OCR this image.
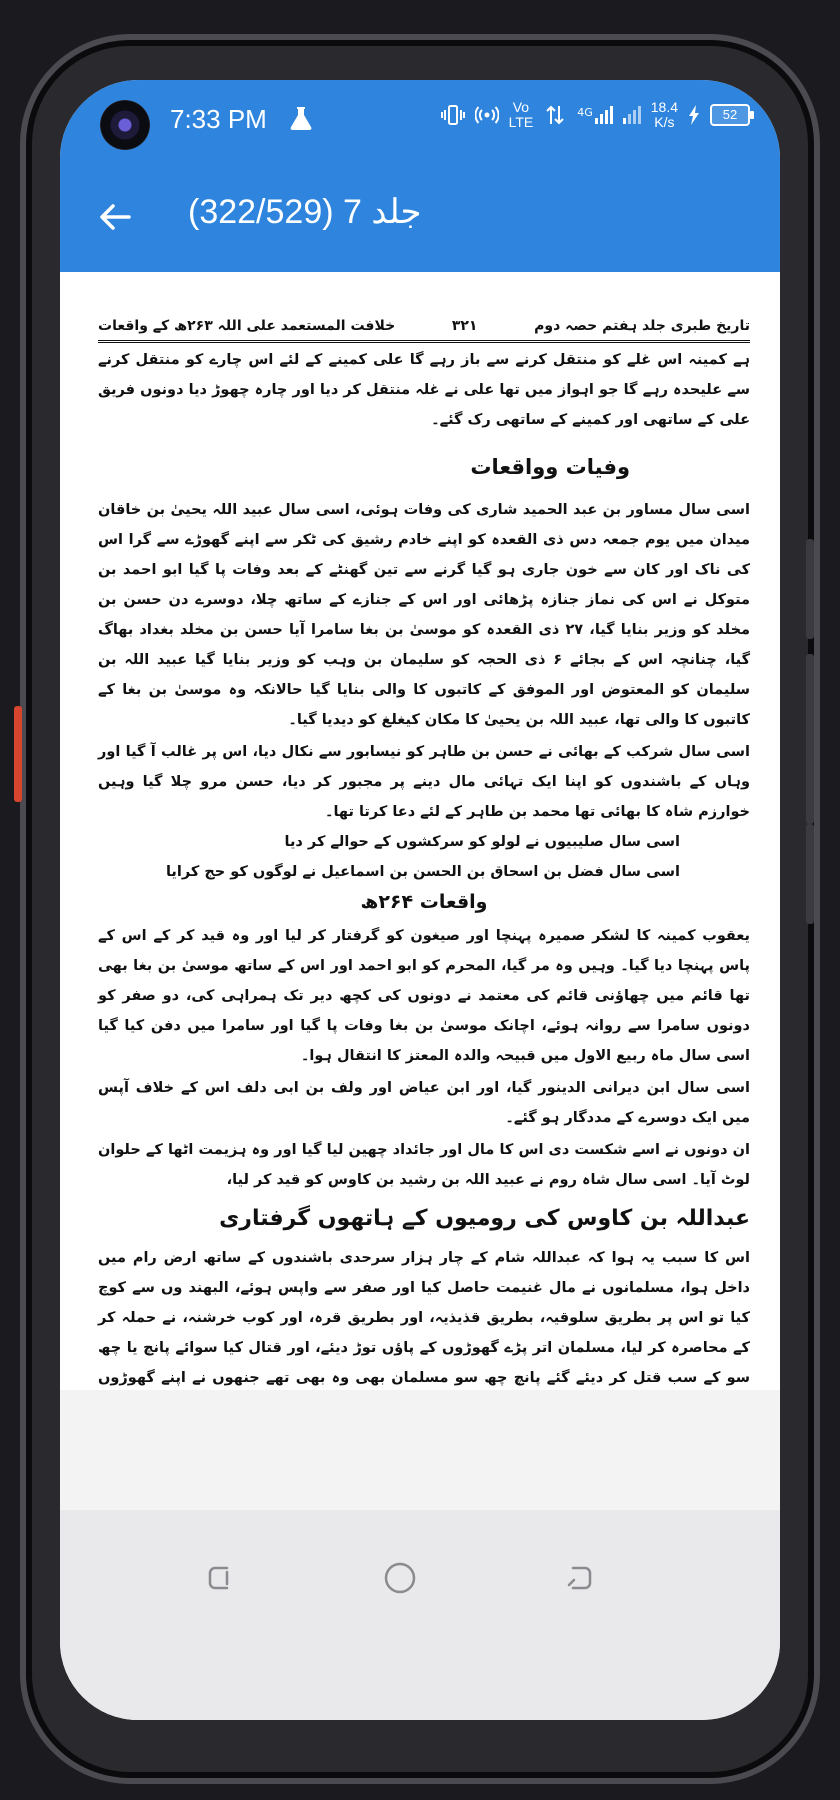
7:33 PM	Vo
LTE
4G	18.4
K/s	52
جلد 7 (322/529)
تاریخ طبری جلد ہفتم حصہ دوم
۳۲۱
خلافت المستعمد علی اللہ ۲۶۳ھ کے واقعات

ہے کمینہ اس غلے کو منتقل کرنے سے باز رہے گا علی کمینے کے لئے اس چارے کو منتقل کرنے سے علیحدہ رہے گا جو اہواز میں تھا علی نے غلہ منتقل کر دیا اور چارہ چھوڑ دیا دونوں فریق علی کے ساتھی اور کمینے کے ساتھی رک گئے۔

وفیات وواقعات

اسی سال مساور بن عبد الحمید شاری کی وفات ہوئی، اسی سال عبید اللہ یحییٰ بن خاقان میدان میں یوم جمعہ دس ذی القعدہ کو اپنے خادم رشیق کی ٹکر سے اپنے گھوڑے سے گرا اس کی ناک اور کان سے خون جاری ہو گیا گرنے سے تین گھنٹے کے بعد وفات پا گیا ابو احمد بن متوکل نے اس کی نماز جنازہ پڑھائی اور اس کے جنازے کے ساتھ چلا، دوسرے دن حسن بن مخلد کو وزیر بنایا گیا، ۲۷ ذی القعدہ کو موسیٰ بن بغا سامرا آیا حسن بن مخلد بغداد بھاگ گیا، چنانچہ اس کے بجائے ۶ ذی الحجہ کو سلیمان بن وہب کو وزیر بنایا گیا عبید اللہ بن سلیمان کو المعتوض اور الموفق کے کاتبوں کا والی بنایا گیا حالانکہ وہ موسیٰ بن بغا کے کاتبوں کا والی تھا، عبید اللہ بن یحییٰ کا مکان کیغلغ کو دیدیا گیا۔

اسی سال شرکب کے بھائی نے حسن بن طاہر کو نیسابور سے نکال دیا، اس پر غالب آ گیا اور وہاں کے باشندوں کو اپنا ایک تہائی مال دینے پر مجبور کر دیا، حسن مرو چلا گیا وہیں خوارزم شاہ کا بھائی تھا محمد بن طاہر کے لئے دعا کرتا تھا۔

اسی سال صلیبیوں نے لولو کو سرکشوں کے حوالے کر دیا

اسی سال فضل بن اسحاق بن الحسن بن اسماعیل نے لوگوں کو حج کرایا

واقعات ۲۶۴ھ

یعقوب کمینہ کا لشکر صمیرہ پہنچا اور صیغون کو گرفتار کر لیا اور وہ قید کر کے اس کے پاس پہنچا دیا گیا۔ وہیں وہ مر گیا، المحرم کو ابو احمد اور اس کے ساتھ موسیٰ بن بغا بھی تھا قائم میں چھاؤنی قائم کی معتمد نے دونوں کی کچھ دیر تک ہمراہی کی، دو صفر کو دونوں سامرا سے روانہ ہوئے، اچانک موسیٰ بن بغا وفات پا گیا اور سامرا میں دفن کیا گیا اسی سال ماہ ربیع الاول میں قبیحہ والدہ المعتز کا انتقال ہوا۔

اسی سال ابن دیرانی الدینور گیا، اور ابن عیاض اور ولف بن ابی دلف اس کے خلاف آپس میں ایک دوسرے کے مددگار ہو گئے۔

ان دونوں نے اسے شکست دی اس کا مال اور جائداد چھین لیا گیا اور وہ ہزیمت اٹھا کے حلوان لوٹ آیا۔ اسی سال شاہ روم نے عبید اللہ بن رشید بن کاوس کو قید کر لیا،

عبداللہ بن کاوس کی رومیوں کے ہاتھوں گرفتاری

اس کا سبب یہ ہوا کہ عبداللہ شام کے چار ہزار سرحدی باشندوں کے ساتھ ارض رام میں داخل ہوا، مسلمانوں نے مال غنیمت حاصل کیا اور صفر سے واپس ہوئے، البھند وں سے کوچ کیا تو اس پر بطریق سلوقیہ، بطریق قذیذیہ، اور بطریق قرہ، اور کوب خرشنہ، نے حملہ کر کے محاصرہ کر لیا، مسلمان اتر پڑے گھوڑوں کے پاؤں توڑ دیئے، اور قتال کیا سوائے پانچ یا چھ سو کے سب قتل کر دیئے گئے پانچ چھ سو مسلمان بھی وہ بھی تھے جنھوں نے اپنے گھوڑوں
